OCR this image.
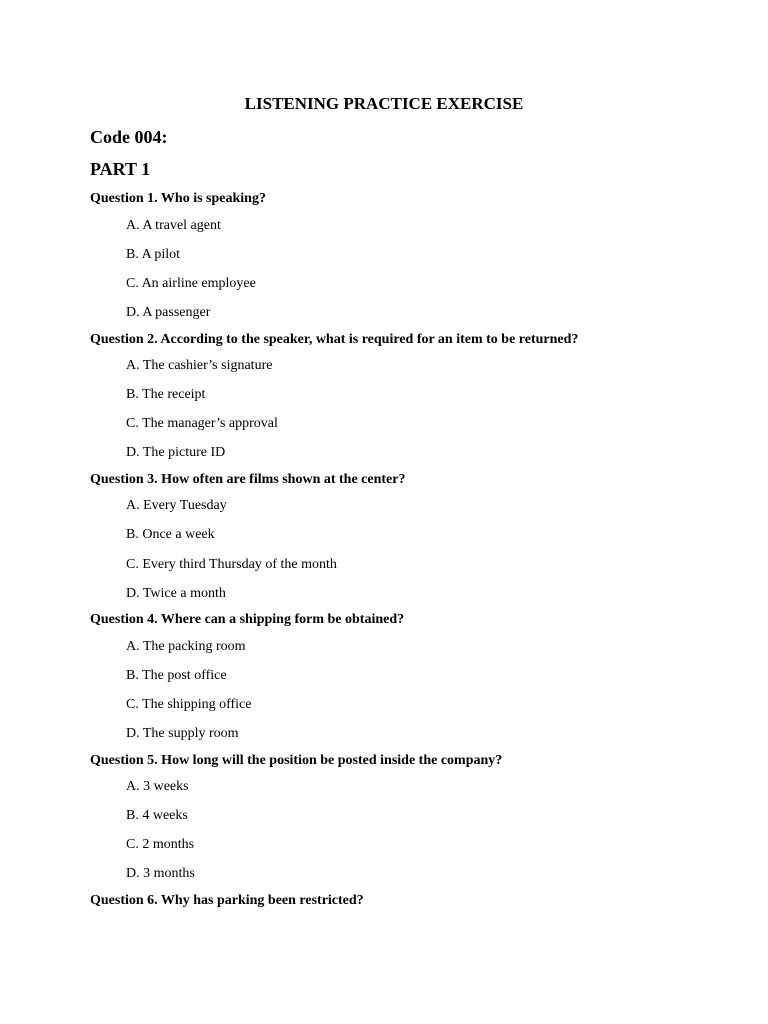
LISTENING PRACTICE EXERCISE
Code 004:
PART 1

Question 1. Who is speaking?

A. A travel agent

B. A pilot

C. An airline employee

D. A passenger

Question 2. According to the speaker, what is required for an item to be returned?

A. The cashier’s signature

B. The receipt

C. The manager’s approval

D. The picture ID

Question 3. How often are films shown at the center?

A. Every Tuesday

B. Once a week

C. Every third Thursday of the month

D. Twice a month

Question 4. Where can a shipping form be obtained?

A. The packing room

B. The post office

C. The shipping office

D. The supply room

Question 5. How long will the position be posted inside the company?

A. 3 weeks

B. 4 weeks

C. 2 months

D. 3 months

Question 6. Why has parking been restricted?
